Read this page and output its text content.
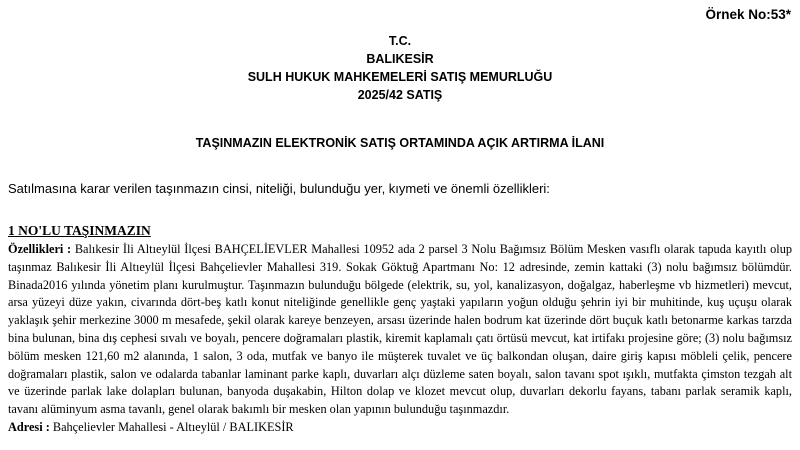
Örnek No:53*
T.C.
BALIKESİR
SULH HUKUK MAHKEMELERİ SATIŞ MEMURLUĞU
2025/42 SATIŞ
TAŞINMAZIN ELEKTRONİK SATIŞ ORTAMINDA AÇIK ARTIRMA İLANI
Satılmasına karar verilen taşınmazın cinsi, niteliği, bulunduğu yer, kıymeti ve önemli özellikleri:
1 NO'LU TAŞINMAZIN

Özellikleri : Balıkesir İli Altıeylül İlçesi BAHÇELİEVLER Mahallesi 10952 ada 2 parsel 3 Nolu Bağımsız Bölüm Mesken vasıflı olarak tapuda kayıtlı olup taşınmaz Balıkesir İli Altıeylül İlçesi Bahçelievler Mahallesi 319. Sokak Göktuğ Apartmanı No: 12 adresinde, zemin kattaki (3) nolu bağımsız bölümdür. Binada2016 yılında yönetim planı kurulmuştur. Taşınmazın bulunduğu bölgede (elektrik, su, yol, kanalizasyon, doğalgaz, haberleşme vb hizmetleri) mevcut, arsa yüzeyi düze yakın, civarında dört-beş katlı konut niteliğinde genellikle genç yaştaki yapıların yoğun olduğu şehrin iyi bir muhitinde, kuş uçuşu olarak yaklaşık şehir merkezine 3000 m mesafede, şekil olarak kareye benzeyen, arsası üzerinde halen bodrum kat üzerinde dört buçuk katlı betonarme karkas tarzda bina bulunan, bina dış cephesi sıvalı ve boyalı, pencere doğramaları plastik, kiremit kaplamalı çatı örtüsü mevcut, kat irtifakı projesine göre; (3) nolu bağımsız bölüm mesken 121,60 m2 alanında, 1 salon, 3 oda, mutfak ve banyo ile müşterek tuvalet ve üç balkondan oluşan, daire giriş kapısı möbleli çelik, pencere doğramaları plastik, salon ve odalarda tabanlar laminant parke kaplı, duvarları alçı düzleme saten boyalı, salon tavanı spot ışıklı, mutfakta çimston tezgah alt ve üzerinde parlak lake dolapları bulunan, banyoda duşakabin, Hilton dolap ve klozet mevcut olup, duvarları dekorlu fayans, tabanı parlak seramik kaplı, tavanı alüminyum asma tavanlı, genel olarak bakımlı bir mesken olan yapının bulunduğu taşınmazdır.

Adresi : Bahçelievler Mahallesi - Altıeylül / BALIKESİR
